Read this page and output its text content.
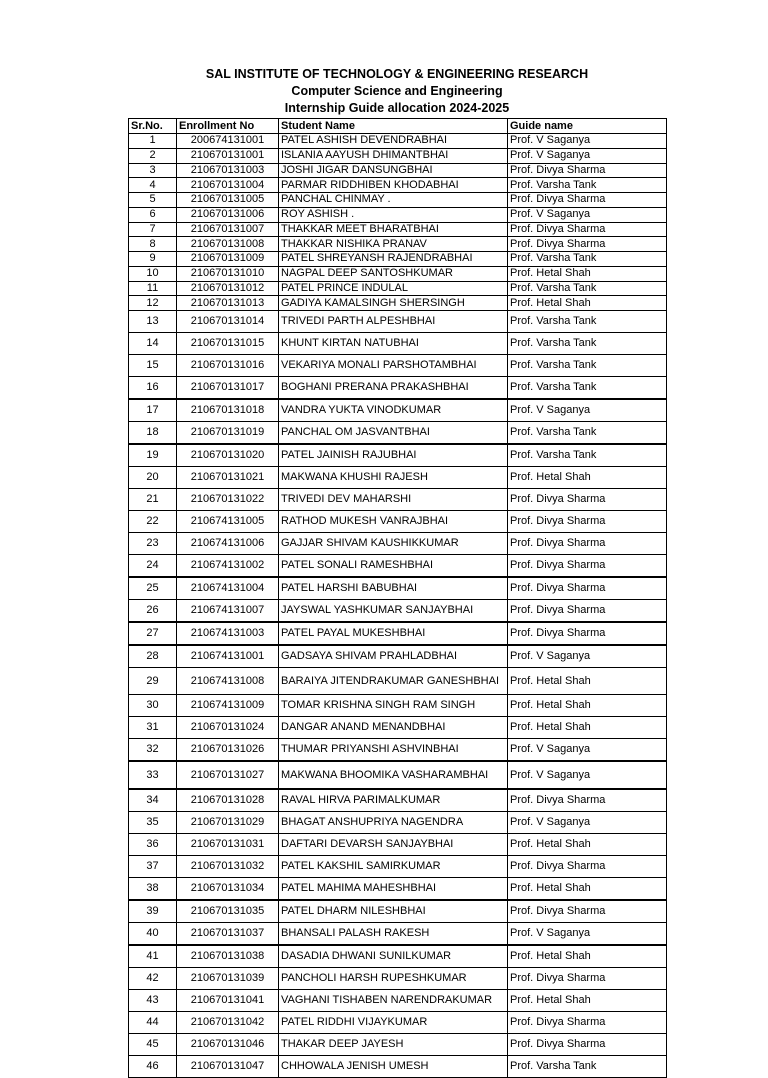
SAL INSTITUTE OF TECHNOLOGY & ENGINEERING RESEARCH
Computer Science and Engineering
Internship Guide allocation 2024-2025
Sr.No.	Enrollment No	Student Name	Guide name
1	200674131001	PATEL ASHISH DEVENDRABHAI	Prof. V Saganya
2	210670131001	ISLANIA AAYUSH DHIMANTBHAI	Prof. V Saganya
3	210670131003	JOSHI JIGAR DANSUNGBHAI	Prof. Divya Sharma
4	210670131004	PARMAR RIDDHIBEN KHODABHAI	Prof. Varsha Tank
5	210670131005	PANCHAL CHINMAY .	Prof. Divya Sharma
6	210670131006	ROY ASHISH .	Prof. V Saganya
7	210670131007	THAKKAR MEET BHARATBHAI	Prof. Divya Sharma
8	210670131008	THAKKAR NISHIKA PRANAV	Prof. Divya Sharma
9	210670131009	PATEL SHREYANSH RAJENDRABHAI	Prof. Varsha Tank
10	210670131010	NAGPAL DEEP SANTOSHKUMAR	Prof. Hetal Shah
11	210670131012	PATEL PRINCE INDULAL	Prof. Varsha Tank
12	210670131013	GADIYA KAMALSINGH SHERSINGH	Prof. Hetal Shah
13	210670131014	TRIVEDI PARTH ALPESHBHAI	Prof. Varsha Tank
14	210670131015	KHUNT KIRTAN NATUBHAI	Prof. Varsha Tank
15	210670131016	VEKARIYA MONALI PARSHOTAMBHAI	Prof. Varsha Tank
16	210670131017	BOGHANI PRERANA PRAKASHBHAI	Prof. Varsha Tank
17	210670131018	VANDRA YUKTA VINODKUMAR	Prof. V Saganya
18	210670131019	PANCHAL OM JASVANTBHAI	Prof. Varsha Tank
19	210670131020	PATEL JAINISH RAJUBHAI	Prof. Varsha Tank
20	210670131021	MAKWANA KHUSHI RAJESH	Prof. Hetal Shah
21	210670131022	TRIVEDI DEV MAHARSHI	Prof. Divya Sharma
22	210674131005	RATHOD MUKESH VANRAJBHAI	Prof. Divya Sharma
23	210674131006	GAJJAR SHIVAM KAUSHIKKUMAR	Prof. Divya Sharma
24	210674131002	PATEL SONALI RAMESHBHAI	Prof. Divya Sharma
25	210674131004	PATEL HARSHI BABUBHAI	Prof. Divya Sharma
26	210674131007	JAYSWAL YASHKUMAR SANJAYBHAI	Prof. Divya Sharma
27	210674131003	PATEL PAYAL MUKESHBHAI	Prof. Divya Sharma
28	210674131001	GADSAYA SHIVAM PRAHLADBHAI	Prof. V Saganya
29	210674131008	BARAIYA JITENDRAKUMAR GANESHBHAI	Prof. Hetal Shah
30	210674131009	TOMAR KRISHNA SINGH RAM SINGH	Prof. Hetal Shah
31	210670131024	DANGAR ANAND MENANDBHAI	Prof. Hetal Shah
32	210670131026	THUMAR PRIYANSHI ASHVINBHAI	Prof. V Saganya
33	210670131027	MAKWANA BHOOMIKA VASHARAMBHAI	Prof. V Saganya
34	210670131028	RAVAL HIRVA PARIMALKUMAR	Prof. Divya Sharma
35	210670131029	BHAGAT ANSHUPRIYA NAGENDRA	Prof. V Saganya
36	210670131031	DAFTARI DEVARSH SANJAYBHAI	Prof. Hetal Shah
37	210670131032	PATEL KAKSHIL SAMIRKUMAR	Prof. Divya Sharma
38	210670131034	PATEL MAHIMA MAHESHBHAI	Prof. Hetal Shah
39	210670131035	PATEL DHARM NILESHBHAI	Prof. Divya Sharma
40	210670131037	BHANSALI PALASH RAKESH	Prof. V Saganya
41	210670131038	DASADIA DHWANI SUNILKUMAR	Prof. Hetal Shah
42	210670131039	PANCHOLI HARSH RUPESHKUMAR	Prof. Divya Sharma
43	210670131041	VAGHANI TISHABEN NARENDRAKUMAR	Prof. Hetal Shah
44	210670131042	PATEL RIDDHI VIJAYKUMAR	Prof. Divya Sharma
45	210670131046	THAKAR DEEP JAYESH	Prof. Divya Sharma
46	210670131047	CHHOWALA JENISH UMESH	Prof. Varsha Tank
